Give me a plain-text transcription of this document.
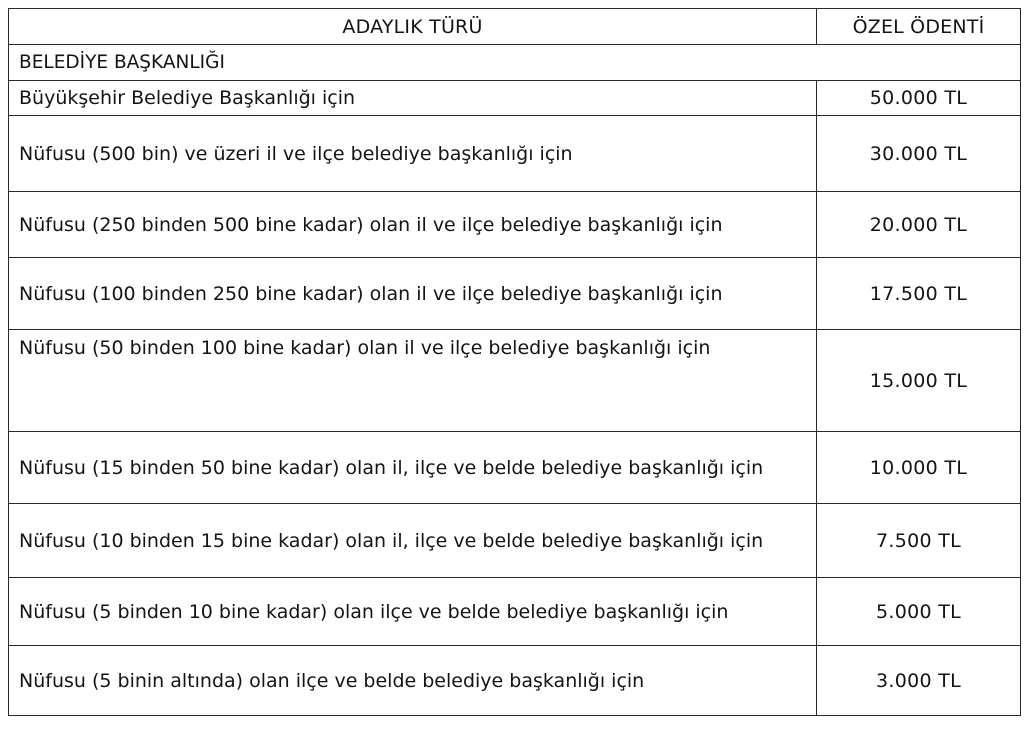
ADAYLIK TÜRÜ	ÖZEL ÖDENTİ
BELEDİYE BAŞKANLIĞI	
Büyükşehir Belediye Başkanlığı için	50.000 TL
Nüfusu (500 bin) ve üzeri il ve ilçe belediye başkanlığı için	30.000 TL
Nüfusu (250 binden 500 bine kadar) olan il ve ilçe belediye başkanlığı için	20.000 TL
Nüfusu (100 binden 250 bine kadar) olan il ve ilçe belediye başkanlığı için	17.500 TL
Nüfusu (50 binden 100 bine kadar) olan il ve ilçe belediye başkanlığı için	15.000 TL
Nüfusu (15 binden 50 bine kadar) olan il, ilçe ve belde belediye başkanlığı için	10.000 TL
Nüfusu (10 binden 15 bine kadar) olan il, ilçe ve belde belediye başkanlığı için	7.500 TL
Nüfusu (5 binden 10 bine kadar) olan ilçe ve belde belediye başkanlığı için	5.000 TL
Nüfusu (5 binin altında) olan ilçe ve belde belediye başkanlığı için	3.000 TL
